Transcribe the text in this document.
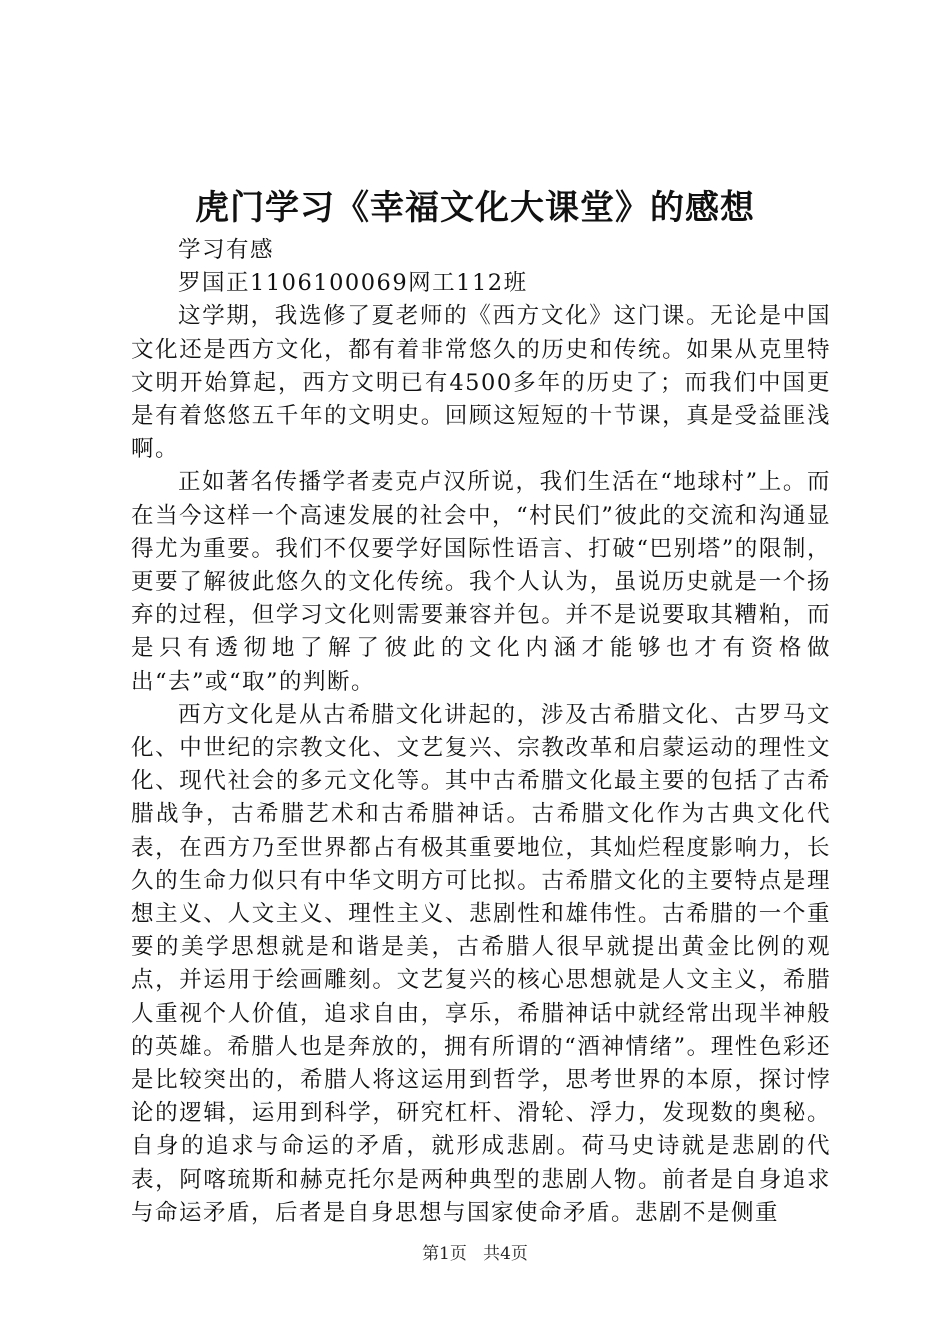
虎门学习《幸福文化大课堂》的感想

学习有感

罗国正1106100069网工112班

这学期，我选修了夏老师的《西方文化》这门课。无论是中国文化还是西方文化，都有着非常悠久的历史和传统。如果从克里特文明开始算起，西方文明已有4500多年的历史了；而我们中国更是有着悠悠五千年的文明史。回顾这短短的十节课，真是受益匪浅啊。

正如著名传播学者麦克卢汉所说，我们生活在“地球村”上。而在当今这样一个高速发展的社会中，“村民们”彼此的交流和沟通显得尤为重要。我们不仅要学好国际性语言、打破“巴别塔”的限制，更要了解彼此悠久的文化传统。我个人认为，虽说历史就是一个扬弃的过程，但学习文化则需要兼容并包。并不是说要取其糟粕，而是只有透彻地了解了彼此的文化内涵才能够也才有资格做出“去”或“取”的判断。

西方文化是从古希腊文化讲起的，涉及古希腊文化、古罗马文化、中世纪的宗教文化、文艺复兴、宗教改革和启蒙运动的理性文化、现代社会的多元文化等。其中古希腊文化最主要的包括了古希腊战争，古希腊艺术和古希腊神话。古希腊文化作为古典文化代表，在西方乃至世界都占有极其重要地位，其灿烂程度影响力，长久的生命力似只有中华文明方可比拟。古希腊文化的主要特点是理想主义、人文主义、理性主义、悲剧性和雄伟性。古希腊的一个重要的美学思想就是和谐是美，古希腊人很早就提出黄金比例的观点，并运用于绘画雕刻。文艺复兴的核心思想就是人文主义，希腊人重视个人价值，追求自由，享乐，希腊神话中就经常出现半神般的英雄。希腊人也是奔放的，拥有所谓的“酒神情绪”。理性色彩还是比较突出的，希腊人将这运用到哲学，思考世界的本原，探讨悖论的逻辑，运用到科学，研究杠杆、滑轮、浮力，发现数的奥秘。自身的追求与命运的矛盾，就形成悲剧。荷马史诗就是悲剧的代表，阿喀琉斯和赫克托尔是两种典型的悲剧人物。前者是自身追求与命运矛盾，后者是自身思想与国家使命矛盾。悲剧不是侧重

第1页 共4页
